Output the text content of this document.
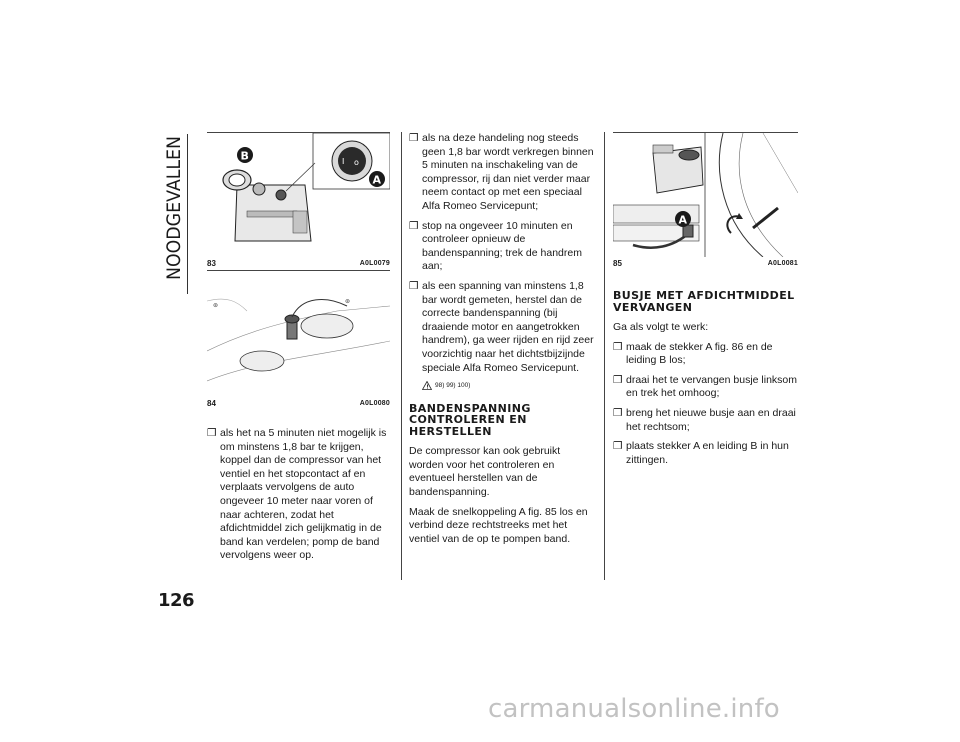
NOODGEVALLEN
126
I o
B
A
83	A0L0079
⊛
⊛
84	A0L0080
A
85	A0L0081
❒ als het na 5 minuten niet mogelijk is om minstens 1,8 bar te krijgen, koppel dan de compressor van het ventiel en het stopcontact af en verplaats vervolgens de auto ongeveer 10 meter naar voren of naar achteren, zodat het afdichtmiddel zich gelijkmatig in de band kan verdelen; pomp de band vervolgens weer op.
❒ als na deze handeling nog steeds geen 1,8 bar wordt verkregen binnen 5 minuten na inschakeling van de compressor, rij dan niet verder maar neem contact op met een speciaal Alfa Romeo Servicepunt;
❒ stop na ongeveer 10 minuten en controleer opnieuw de bandenspanning; trek de handrem aan;
❒ als een spanning van minstens 1,8 bar wordt gemeten, herstel dan de correcte bandenspanning (bij draaiende motor en aangetrokken handrem), ga weer rijden en rijd zeer voorzichtig naar het dichtstbijzijnde speciale Alfa Romeo Servicepunt.
! 98) 99) 100)
BANDENSPANNING CONTROLEREN EN HERSTELLEN

De compressor kan ook gebruikt worden voor het controleren en eventueel herstellen van de bandenspanning.

Maak de snelkoppeling A fig. 85 los en verbind deze rechtstreeks met het ventiel van de op te pompen band.

BUSJE MET AFDICHTMIDDEL VERVANGEN

Ga als volgt te werk:

❒ maak de stekker A fig. 86 en de leiding B los;
❒ draai het te vervangen busje linksom en trek het omhoog;
❒ breng het nieuwe busje aan en draai het rechtsom;
❒ plaats stekker A en leiding B in hun zittingen.
carmanualsonline.info
